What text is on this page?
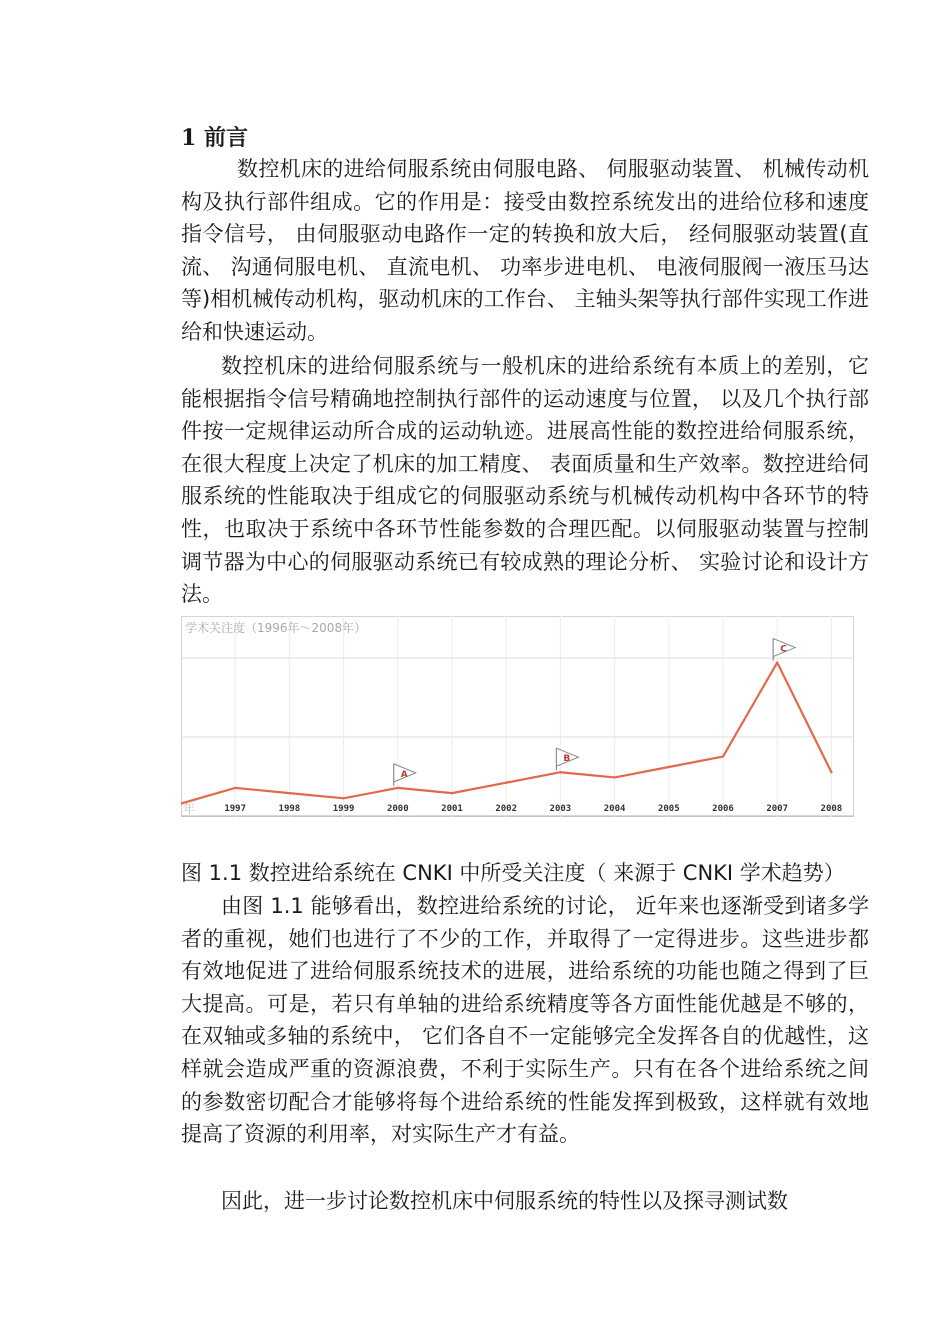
1 前言

数控机床的进给伺服系统由伺服电路、 伺服驱动装置、 机械传动机构及执行部件组成。它的作用是：接受由数控系统发出的进给位移和速度指令信号， 由伺服驱动电路作一定的转换和放大后， 经伺服驱动装置(直流、 沟通伺服电机、 直流电机、 功率步进电机、 电液伺服阀一液压马达等)相机械传动机构，驱动机床的工作台、 主轴头架等执行部件实现工作进给和快速运动。

数控机床的进给伺服系统与一般机床的进给系统有本质上的差别，它能根据指令信号精确地控制执行部件的运动速度与位置， 以及几个执行部件按一定规律运动所合成的运动轨迹。进展高性能的数控进给伺服系统，在很大程度上决定了机床的加工精度、 表面质量和生产效率。数控进给伺服系统的性能取决于组成它的伺服驱动系统与机械传动机构中各环节的特性，也取决于系统中各环节性能参数的合理匹配。以伺服驱动装置与控制调节器为中心的伺服驱动系统已有较成熟的理论分析、 实验讨论和设计方法。

学术关注度（1996年～2008年）
年	1997	1998	1999	2000	2001	2002	2003	2004	2005	2006	2007	2008
A
B
C
图 1.1 数控进给系统在 CNKI 中所受关注度（ 来源于 CNKI 学术趋势）

由图 1.1 能够看出，数控进给系统的讨论， 近年来也逐渐受到诸多学者的重视，她们也进行了不少的工作，并取得了一定得进步。这些进步都有效地促进了进给伺服系统技术的进展，进给系统的功能也随之得到了巨大提高。可是，若只有单轴的进给系统精度等各方面性能优越是不够的，在双轴或多轴的系统中， 它们各自不一定能够完全发挥各自的优越性，这样就会造成严重的资源浪费，不利于实际生产。只有在各个进给系统之间的参数密切配合才能够将每个进给系统的性能发挥到极致，这样就有效地提高了资源的利用率，对实际生产才有益。

因此，进一步讨论数控机床中伺服系统的特性以及探寻测试数
